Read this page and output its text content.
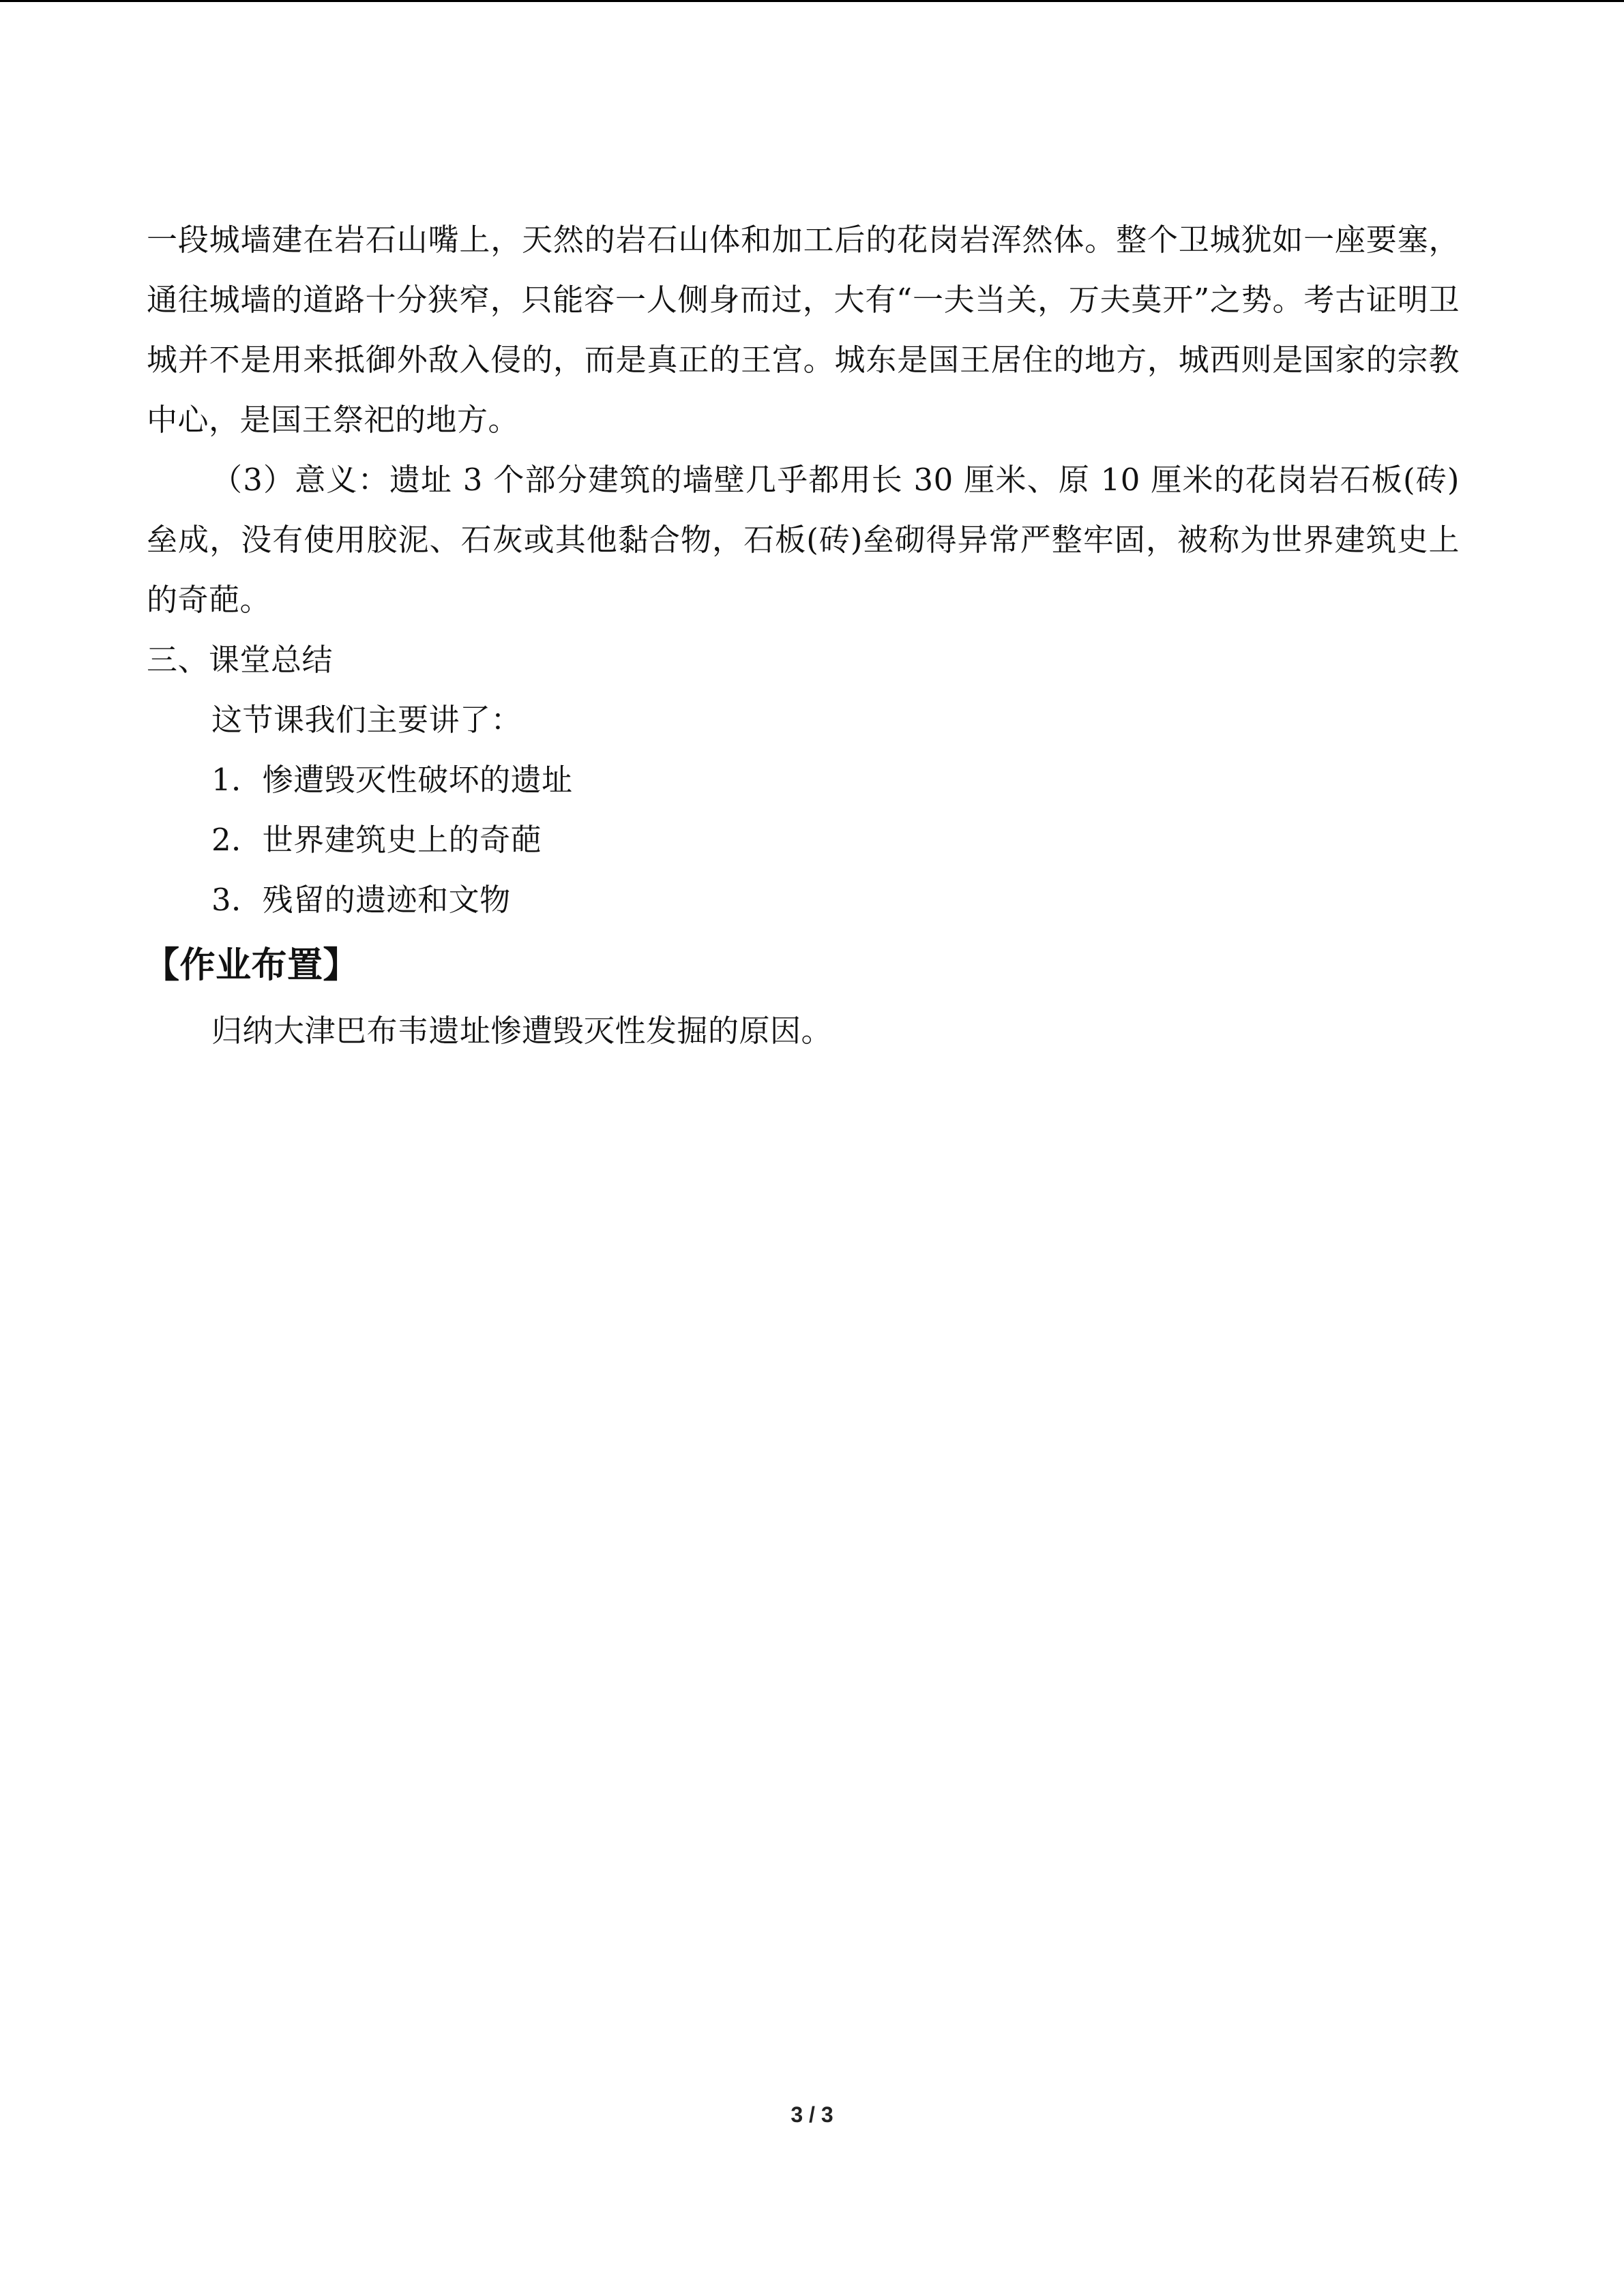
一段城墙建在岩石山嘴上，天然的岩石山体和加工后的花岗岩浑然体。整个卫城犹如一座要塞，通往城墙的道路十分狭窄，只能容一人侧身而过，大有“一夫当关，万夫莫开”之势。考古证明卫城并不是用来抵御外敌入侵的，而是真正的王宫。城东是国王居住的地方，城西则是国家的宗教中心，是国王祭祀的地方。

（3）意义：遗址 3 个部分建筑的墙壁几乎都用长 30 厘米、原 10 厘米的花岗岩石板(砖)垒成，没有使用胶泥、石灰或其他黏合物，石板(砖)垒砌得异常严整牢固，被称为世界建筑史上的奇葩。

三、课堂总结

这节课我们主要讲了：

1．惨遭毁灭性破坏的遗址

2．世界建筑史上的奇葩

3．残留的遗迹和文物

【作业布置】

归纳大津巴布韦遗址惨遭毁灭性发掘的原因。

3 / 3
